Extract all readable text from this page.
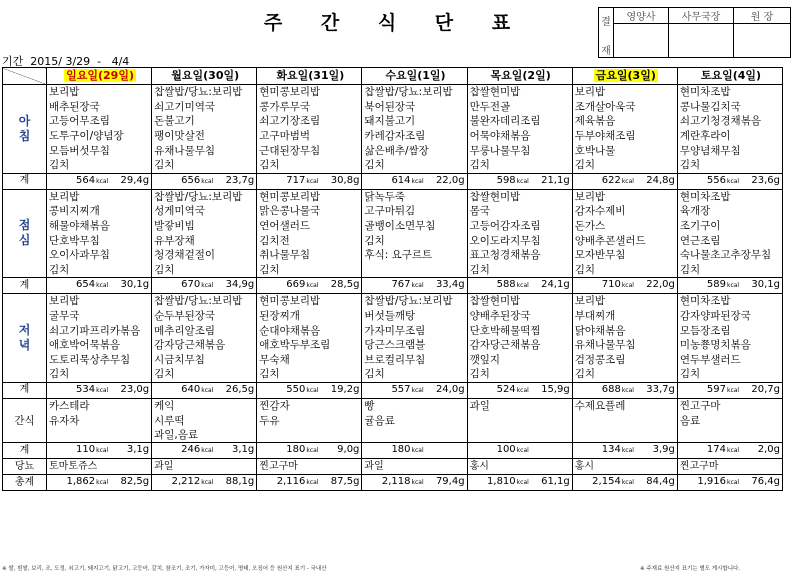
주 간 식 단 표	결
재	영양사	사무국장	원 장

기간  2015/ 3/29  -   4/4
	일요일(29일)	월요일(30일)	화요일(31일)	수요일(1일)	목요일(2일)	금요일(3일)	토요일(4일)

아
침	보리밥	찹쌀밥/당뇨:보리밥	현미콩보리밥	찹쌀밥/당뇨:보리밥	찹쌀현미밥	보리밥	현미차조밥
	배추된장국	쇠고기미역국	콩가루무국	북어된장국	만두전골	조개살아욱국	콩나물김치국
	고등어무조림	돈불고기	쇠고기장조림	돼지불고기	불완자데리조림	제육볶음	쇠고기청경채볶음
	도투구이/양념장	팽이맛살전	고구마범벅	카레감자조림	어묵야채볶음	두부야채조림	계란후라이
	모듬버섯무침	유채나물무침	근대된장무침	삶은배추/쌈장	무룽나물무침	호박나물	무양념채무침
	김치	김치	김치	김치	김치	김치	김치
계	564kcal 29,4g	656kcal 23,7g	717kcal 30,8g	614kcal 22,0g	598kcal 21,1g	622kcal 24,8g	556kcal 23,6g

점
심	보리밥	찹쌀밥/당뇨:보리밥	현미콩보리밥	닭녹두죽	찹쌀현미밥	보리밥	현미차조밥
	콩비지찌개	성게미역국	맑은콩나물국	고구마튀김	몸국	감자수제비	육개장
	해물야채볶음	발갛비빔	연어샐러드	골뱅이소면무침	고등어감자조림	돈가스	조기구이
	단호박무침	유부장채	김치전	김치	오이도라지무침	양배추콘샐러드	연근조림
	오이사과무침	청경채겉절이	취나물무침	후식: 요구르트	표고청경채볶음	모자반무침	숙나물초고추장무침
	김치	김치	김치		김치	김치	김치
계	654kcal 30,1g	670kcal 34,9g	669kcal 28,5g	767kcal 33,4g	588kcal 24,1g	710kcal 22,0g	589kcal 30,1g

저
녁	보리밥	찹쌀밥/당뇨:보리밥	현미콩보리밥	찹쌀밥/당뇨:보리밥	찹쌀현미밥	보리밥	현미차조밥
	굴무국	순두부된장국	된장찌개	버섯들깨탕	양배추된장국	부대찌개	감자양파된장국
	쇠고기파프리카볶음	메추리알조림	순대야채볶음	가자미무조림	단호박해물떡찜	닭야채볶음	모듬장조림
	애호박어묵볶음	감자당근채볶음	애호박두부조림	당근스크램블	감자당근채볶음	유채나물무침	미농쭁명치볶음
	도토리묵상추무침	시금치무침	무숙채	브로컬리무침	깻잎지	검정콩조림	연두부샐러드
	김치	김치	김치	김치	김치	김치	김치
계	534kcal 23,0g	640kcal 26,5g	550kcal 19,2g	557kcal 24,0g	524kcal 15,9g	688kcal 33,7g	597kcal 20,7g

간식	카스테라	케익	찐감자	빵	과일	수제요플레	찐고구마
	유자차	시루떡	두유	귤음료			음료
		과일,음료					
계	110kcal 3,1g	246kcal 3,1g	180kcal 9,0g	180kcal	100kcal	134kcal 3,9g	174kcal 2,0g

당뇨	토마토쥬스	과일	찐고구마	과일	홍시	홍시	찐고구마
총계	1,862kcal 82,5g	2,212kcal 88,1g	2,116kcal 87,5g	2,118kcal 79,4g	1,810kcal 61,1g	2,154kcal 84,4g	1,916kcal 76,4g
※ 쌀, 흰쌀, 보리, 조, 도정, 쇠고기, 돼지고기, 닭고기, 고등어, 갈치, 참조기, 조기, 가자미, 고등어, 명태, 오징어 등 원산지 표기 - 국내산	※ 주재료 원산지 표기는 별도 게시합니다.
